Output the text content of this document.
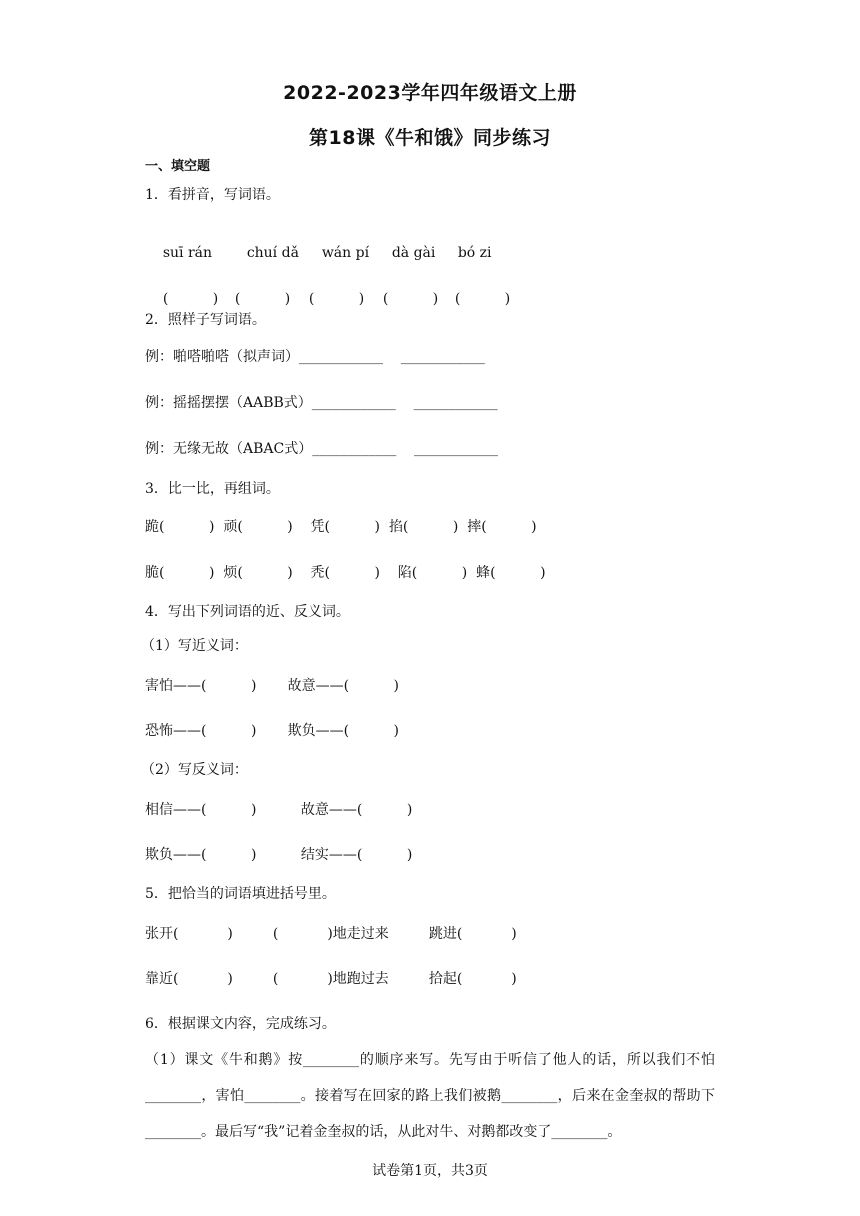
2022-2023学年四年级语文上册
第18课《牛和饿》同步练习
一、填空题
1．看拼音，写词语。

suī rán chuí dǎ wán pí dà gài bó zi

(          ) (          ) (          ) (          ) (          )

2．照样子写词语。
例：啪嗒啪嗒（拟声词）____________ ____________
例：摇摇摆摆（AABB式）____________ ____________
例：无缘无故（ABAC式）____________ ____________
3．比一比，再组词。
跪(          )  顽(          )    凭(          )  掐(          )  摔(          )
脆(          )  烦(          )    秃(          )    陷(          )  蜂(          )
4．写出下列词语的近、反义词。
（1）写近义词：
害怕——(          )       故意——(          )
恐怖——(          )       欺负——(          )
（2）写反义词：
相信——(          )          故意——(          )
欺负——(          )          结实——(          )
5．把恰当的词语填进括号里。
张开(           )         (           )地走过来         跳进(           )
靠近(           )         (           )地跑过去         拾起(           )
6．根据课文内容，完成练习。
（1）课文《牛和鹅》按________的顺序来写。先写由于听信了他人的话，所以我们不怕________，害怕________。接着写在回家的路上我们被鹅________，后来在金奎叔的帮助下________。最后写“我”记着金奎叔的话，从此对牛、对鹅都改变了________。
试卷第1页，共3页
